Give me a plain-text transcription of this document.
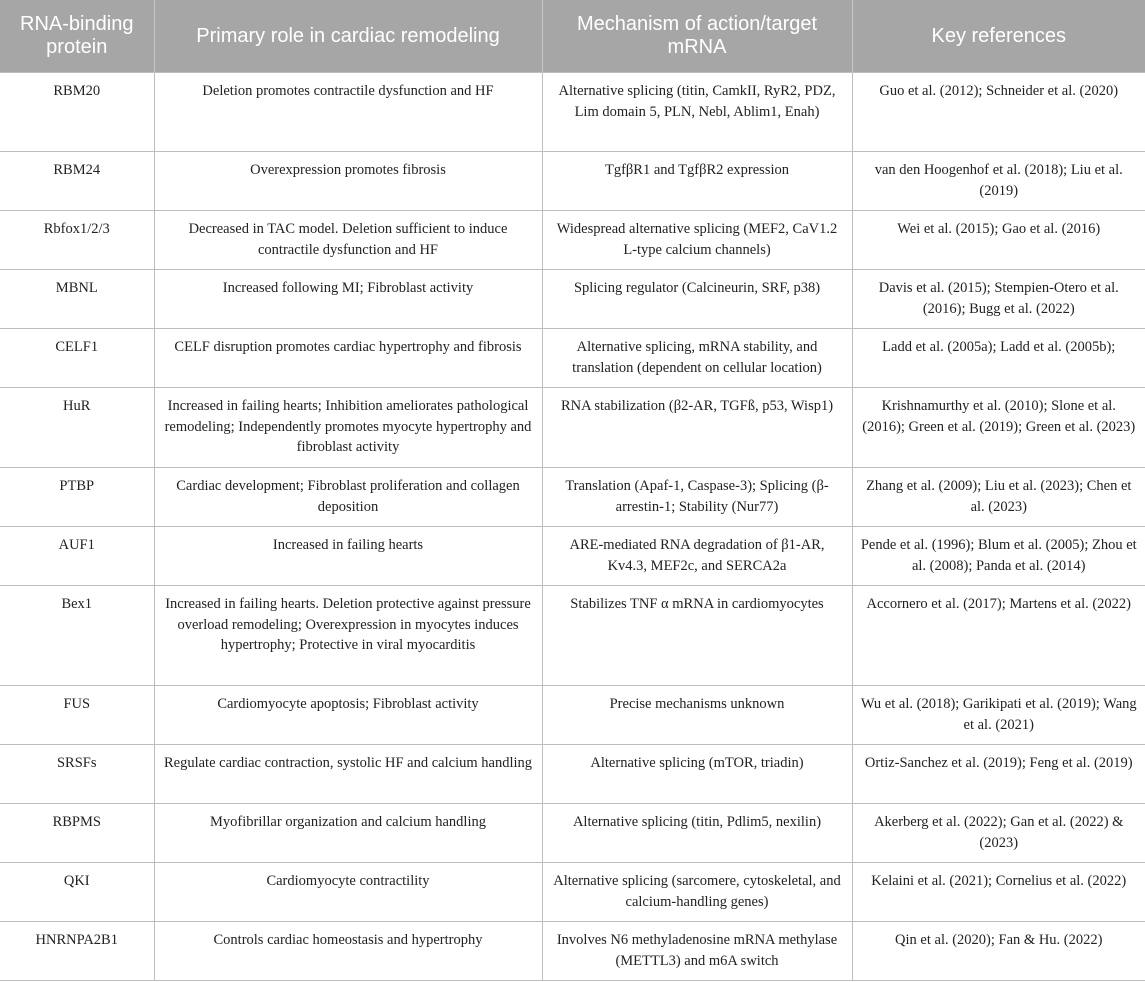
RNA-binding protein	Primary role in cardiac remodeling	Mechanism of action/target mRNA	Key references
RBM20	Deletion promotes contractile dysfunction and HF	Alternative splicing (titin, CamkII, RyR2, PDZ, Lim domain 5, PLN, Nebl, Ablim1, Enah)	Guo et al. (2012); Schneider et al. (2020)
RBM24	Overexpression promotes fibrosis	TgfβR1 and TgfβR2 expression	van den Hoogenhof et al. (2018); Liu et al. (2019)
Rbfox1/2/3	Decreased in TAC model. Deletion sufficient to induce contractile dysfunction and HF	Widespread alternative splicing (MEF2, CaV1.2 L-type calcium channels)	Wei et al. (2015); Gao et al. (2016)
MBNL	Increased following MI; Fibroblast activity	Splicing regulator (Calcineurin, SRF, p38)	Davis et al. (2015); Stempien-Otero et al. (2016); Bugg et al. (2022)
CELF1	CELF disruption promotes cardiac hypertrophy and fibrosis	Alternative splicing, mRNA stability, and translation (dependent on cellular location)	Ladd et al. (2005a); Ladd et al. (2005b);
HuR	Increased in failing hearts; Inhibition ameliorates pathological remodeling; Independently promotes myocyte hypertrophy and fibroblast activity	RNA stabilization (β2-AR, TGFß, p53, Wisp1)	Krishnamurthy et al. (2010); Slone et al. (2016); Green et al. (2019); Green et al. (2023)
PTBP	Cardiac development; Fibroblast proliferation and collagen deposition	Translation (Apaf-1, Caspase-3); Splicing (β-arrestin-1; Stability (Nur77)	Zhang et al. (2009); Liu et al. (2023); Chen et al. (2023)
AUF1	Increased in failing hearts	ARE-mediated RNA degradation of β1-AR, Kv4.3, MEF2c, and SERCA2a	Pende et al. (1996); Blum et al. (2005); Zhou et al. (2008); Panda et al. (2014)
Bex1	Increased in failing hearts. Deletion protective against pressure overload remodeling; Overexpression in myocytes induces hypertrophy; Protective in viral myocarditis	Stabilizes TNF α mRNA in cardiomyocytes	Accornero et al. (2017); Martens et al. (2022)
FUS	Cardiomyocyte apoptosis; Fibroblast activity	Precise mechanisms unknown	Wu et al. (2018); Garikipati et al. (2019); Wang et al. (2021)
SRSFs	Regulate cardiac contraction, systolic HF and calcium handling	Alternative splicing (mTOR, triadin)	Ortiz-Sanchez et al. (2019); Feng et al. (2019)
RBPMS	Myofibrillar organization and calcium handling	Alternative splicing (titin, Pdlim5, nexilin)	Akerberg et al. (2022); Gan et al. (2022) & (2023)
QKI	Cardiomyocyte contractility	Alternative splicing (sarcomere, cytoskeletal, and calcium-handling genes)	Kelaini et al. (2021); Cornelius et al. (2022)
HNRNPA2B1	Controls cardiac homeostasis and hypertrophy	Involves N6 methyladenosine mRNA methylase (METTL3) and m6A switch	Qin et al. (2020); Fan & Hu. (2022)
